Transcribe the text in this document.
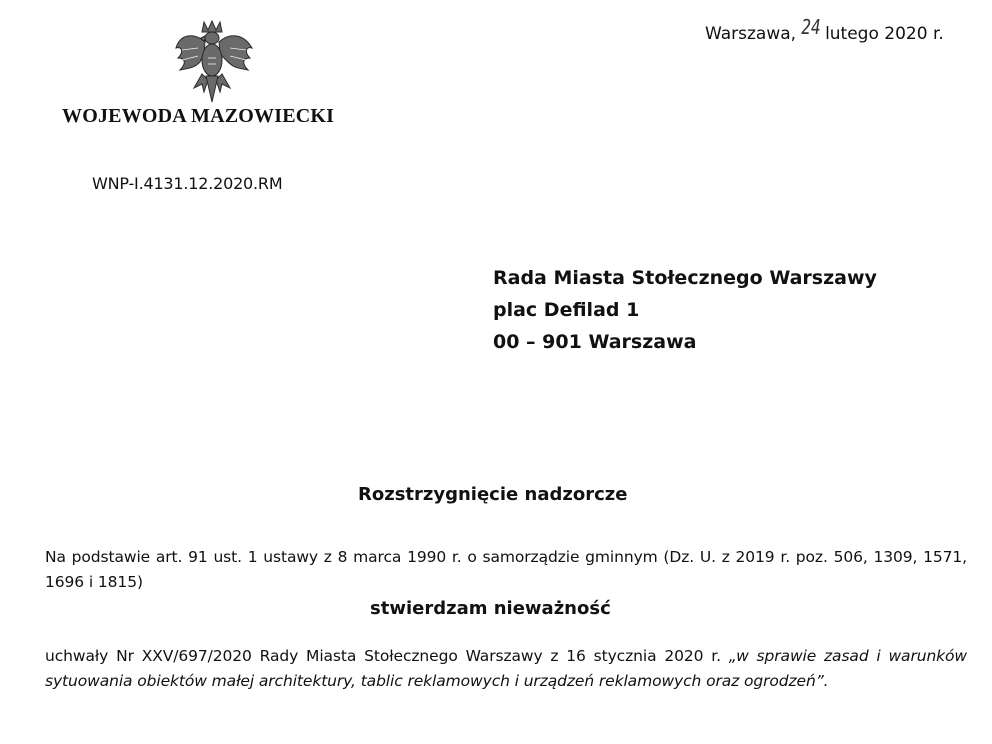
WOJEWODA MAZOWIECKI
WNP-I.4131.12.2020.RM
Warszawa, 24 lutego 2020 r.
Rada Miasta Stołecznego Warszawy
plac Defilad 1
00 – 901 Warszawa
Rozstrzygnięcie nadzorcze
Na podstawie art. 91 ust. 1 ustawy z 8 marca 1990 r. o samorządzie gminnym (Dz. U. z 2019 r. poz. 506, 1309, 1571, 1696 i 1815)
stwierdzam nieważność
uchwały Nr XXV/697/2020 Rady Miasta Stołecznego Warszawy z 16 stycznia 2020 r. „w sprawie zasad i warunków sytuowania obiektów małej architektury, tablic reklamowych i urządzeń reklamowych oraz ogrodzeń”.
